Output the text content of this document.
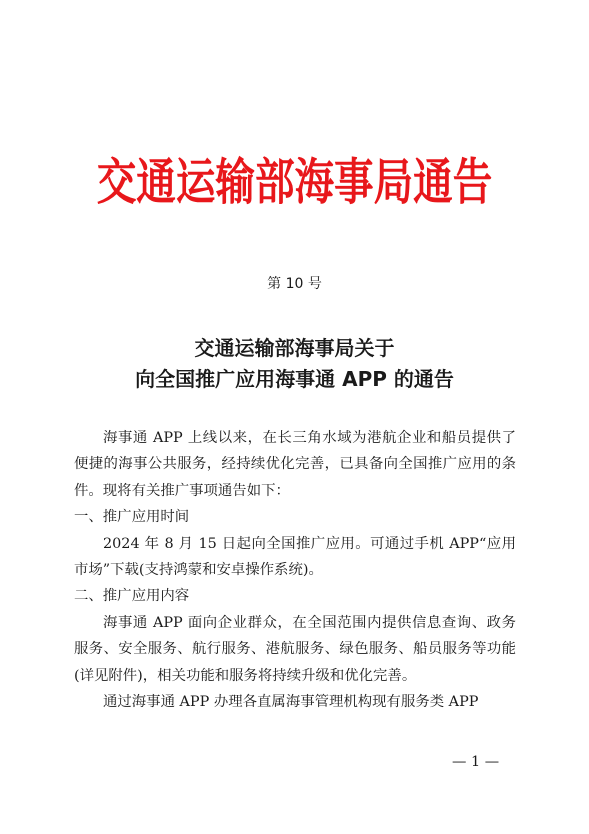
交通运输部海事局通告
第 10 号
交通运输部海事局关于
向全国推广应用海事通 APP 的通告

海事通 APP 上线以来，在长三角水域为港航企业和船员提供了便捷的海事公共服务，经持续优化完善，已具备向全国推广应用的条件。现将有关推广事项通告如下：

一、推广应用时间

2024 年 8 月 15 日起向全国推广应用。可通过手机 APP“应用市场”下载(支持鸿蒙和安卓操作系统)。

二、推广应用内容

海事通 APP 面向企业群众，在全国范围内提供信息查询、政务服务、安全服务、航行服务、港航服务、绿色服务、船员服务等功能(详见附件)，相关功能和服务将持续升级和优化完善。

通过海事通 APP 办理各直属海事管理机构现有服务类 APP

— 1 —
